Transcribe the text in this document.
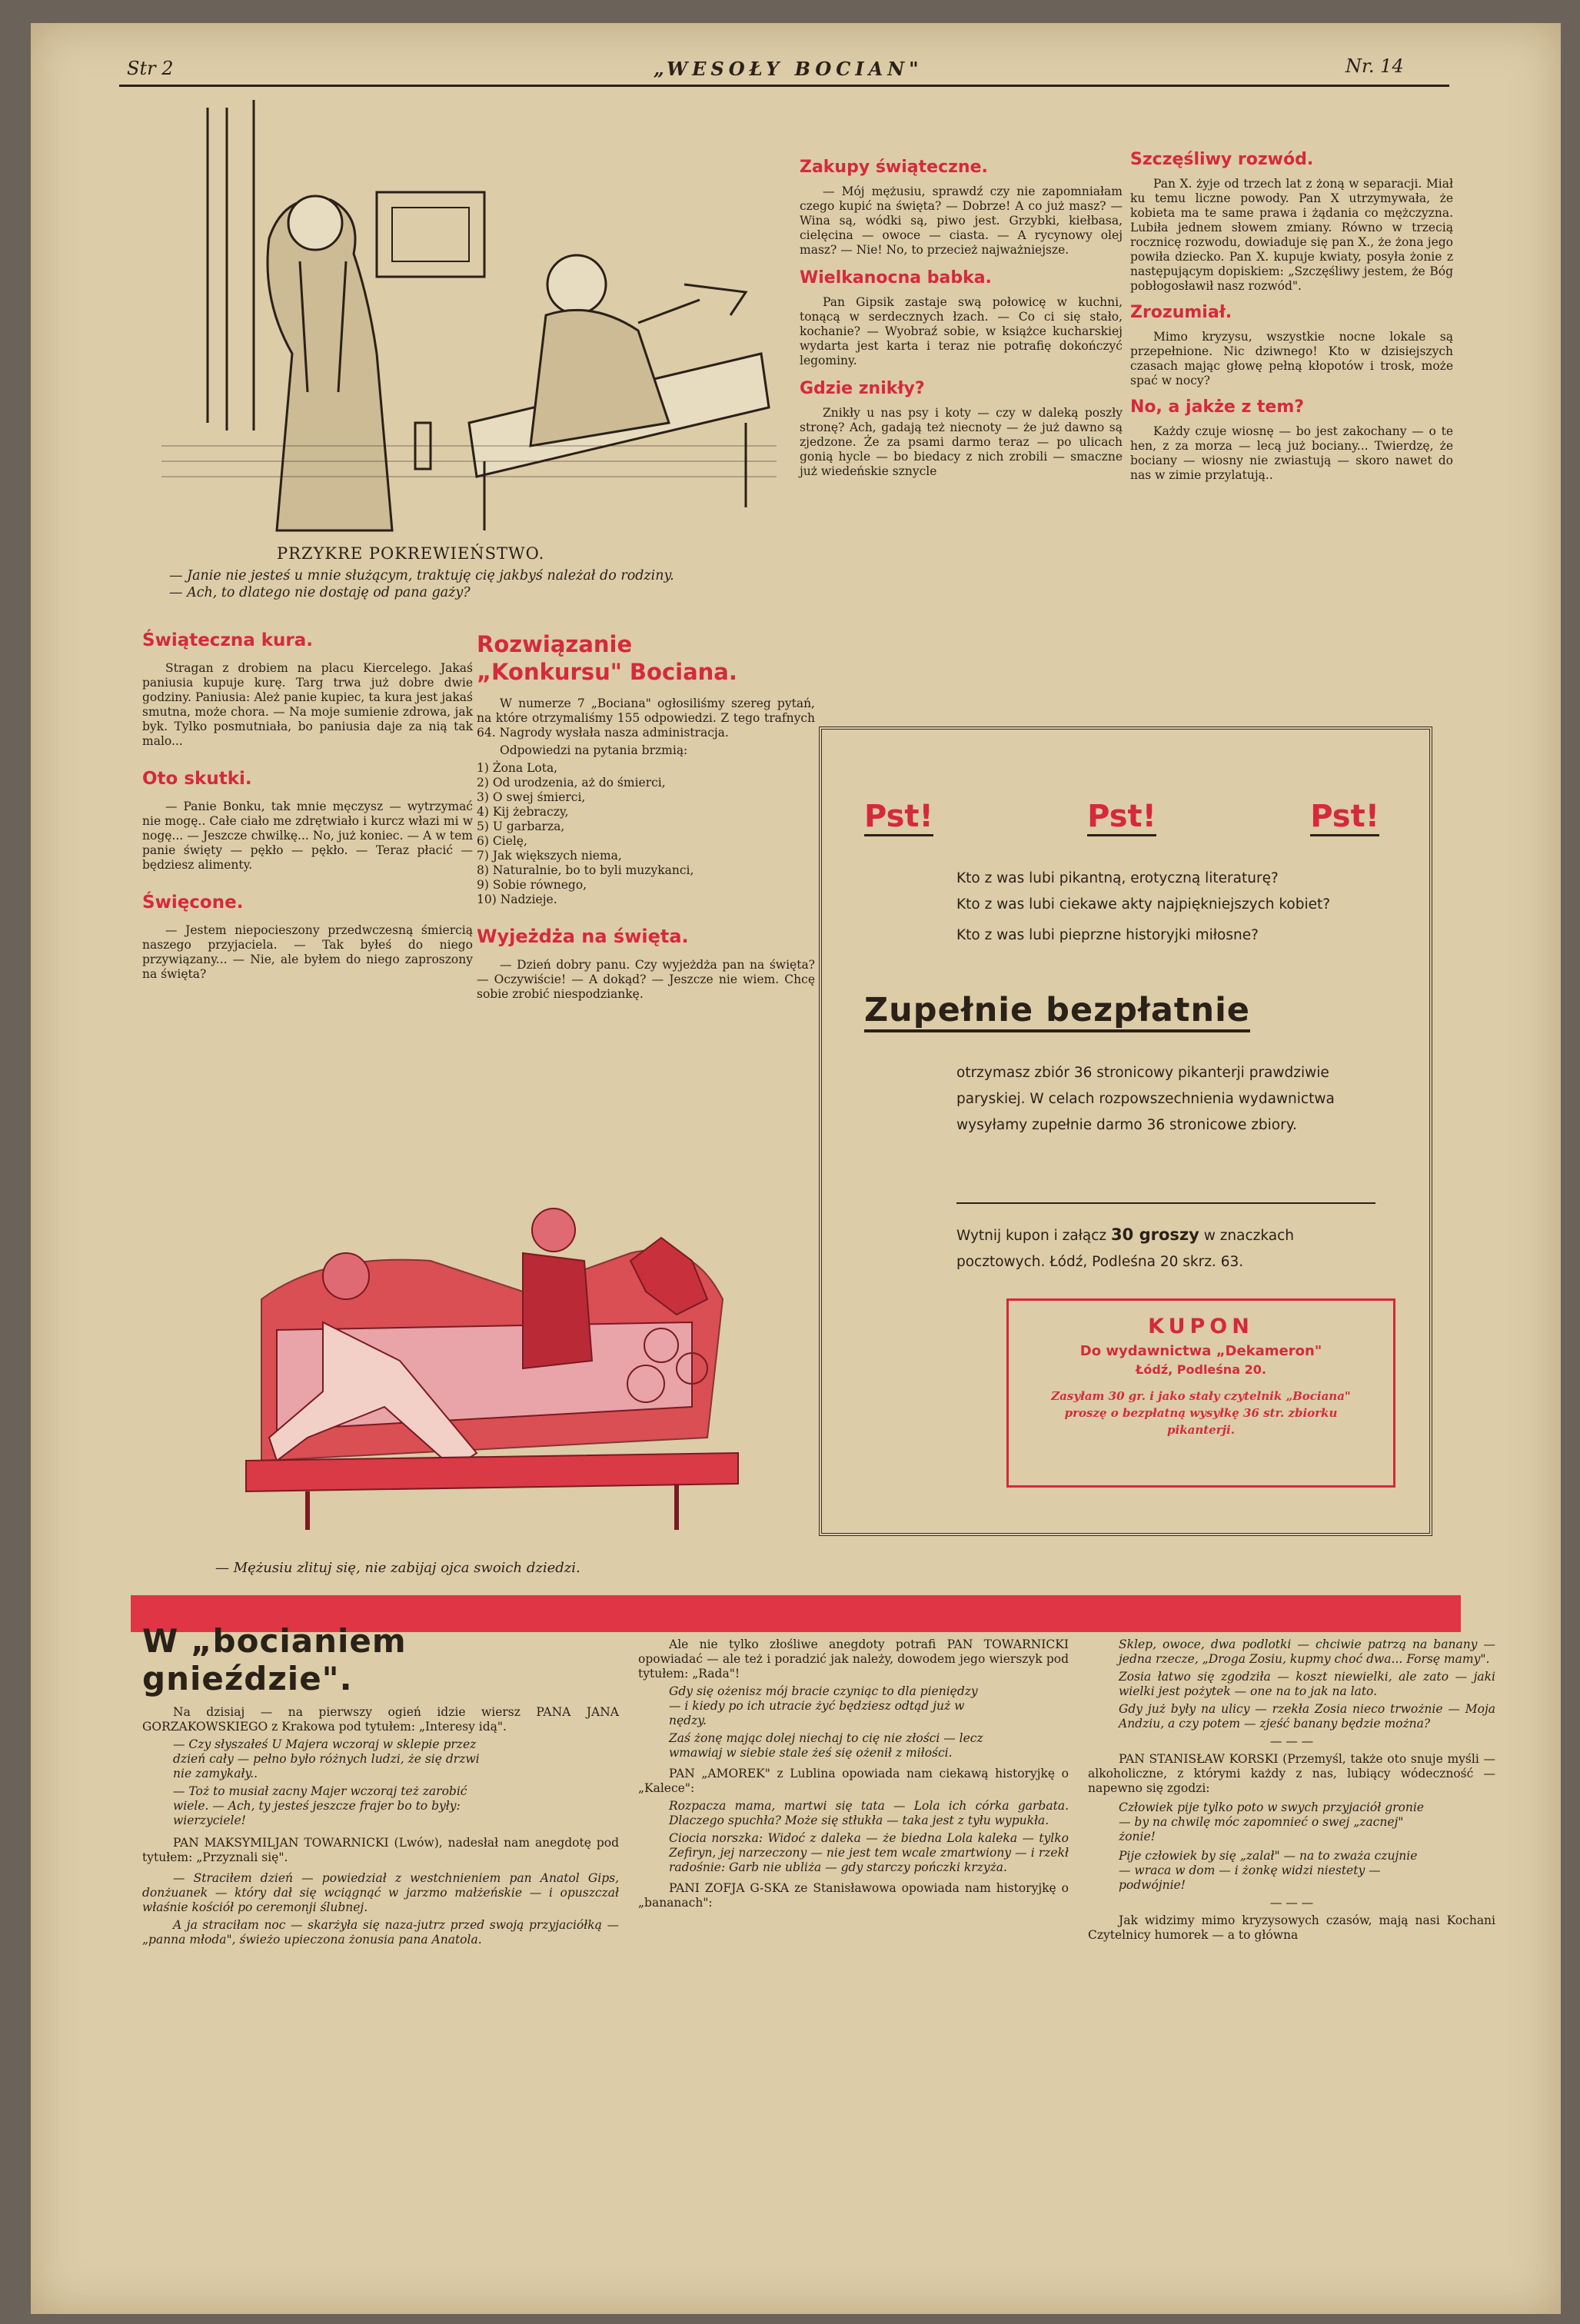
Str 2	„WESOŁY BOCIAN"	Nr. 14
PRZYKRE POKREWIEŃSTWO.

— Janie nie jesteś u mnie służącym, traktuję cię jakbyś należał do rodziny.

— Ach, to dlatego nie dostaję od pana gaży?

Świąteczna kura.

Stragan z drobiem na placu Kiercelego. Jakaś paniusia kupuje kurę. Targ trwa już dobre dwie godziny. Paniusia: Ależ panie kupiec, ta kura jest jakaś smutna, może chora. — Na moje sumienie zdrowa, jak byk. Tylko posmutniała, bo paniusia daje za nią tak malo...

Oto skutki.

— Panie Bonku, tak mnie męczysz — wytrzymać nie mogę.. Całe ciało me zdrętwiało i kurcz włazi mi w nogę... — Jeszcze chwilkę... No, już koniec. — A w tem panie święty — pękło — pękło. — Teraz płacić — będziesz alimenty.

Święcone.

— Jestem niepocieszony przedwczesną śmiercią naszego przyjaciela. — Tak byłeś do niego przywiązany... — Nie, ale byłem do niego zaproszony na święta?

Rozwiązanie
„Konkursu" Bociana.

W numerze 7 „Bociana" ogłosiliśmy szereg pytań, na które otrzymaliśmy 155 odpowiedzi. Z tego trafnych 64. Nagrody wysłała nasza administracja.

Odpowiedzi na pytania brzmią:

1) Żona Lota,

2) Od urodzenia, aż do śmierci,

3) O swej śmierci,

4) Kij żebraczy,

5) U garbarza,

6) Cielę,

7) Jak większych niema,

8) Naturalnie, bo to byli muzykanci,

9) Sobie równego,

10) Nadzieje.

Wyjeżdża na święta.

— Dzień dobry panu. Czy wyjeżdża pan na święta? — Oczywiście! — A dokąd? — Jeszcze nie wiem. Chcę sobie zrobić niespodziankę.

Zakupy świąteczne.

— Mój mężusiu, sprawdź czy nie zapomniałam czego kupić na święta? — Dobrze! A co już masz? — Wina są, wódki są, piwo jest. Grzybki, kiełbasa, cielęcina — owoce — ciasta. — A rycynowy olej masz? — Nie! No, to przecież najważniejsze.

Wielkanocna babka.

Pan Gipsik zastaje swą połowicę w kuchni, tonącą w serdecznych łzach. — Co ci się stało, kochanie? — Wyobraź sobie, w książce kucharskiej wydarta jest karta i teraz nie potrafię dokończyć legominy.

Gdzie znikły?

Znikły u nas psy i koty — czy w daleką poszły stronę? Ach, gadają też niecnoty — że już dawno są zjedzone. Że za psami darmo teraz — po ulicach gonią hycle — bo biedacy z nich zrobili — smaczne już wiedeńskie sznycle

Szczęśliwy rozwód.

Pan X. żyje od trzech lat z żoną w separacji. Miał ku temu liczne powody. Pan X utrzymywała, że kobieta ma te same prawa i żądania co mężczyzna. Lubiła jednem słowem zmiany. Równo w trzecią rocznicę rozwodu, dowiaduje się pan X., że żona jego powiła dziecko. Pan X. kupuje kwiaty, posyła żonie z następującym dopiskiem: „Szczęśliwy jestem, że Bóg pobłogosławił nasz rozwód".

Zrozumiał.

Mimo kryzysu, wszystkie nocne lokale są przepełnione. Nic dziwnego! Kto w dzisiejszych czasach mając głowę pełną kłopotów i trosk, może spać w nocy?

No, a jakże z tem?

Każdy czuje wiosnę — bo jest zakochany — o te hen, z za morza — lecą już bociany... Twierdzę, że bociany — wiosny nie zwiastują — skoro nawet do nas w zimie przylatują..

Pst!	Pst!	Pst!

Kto z was lubi pikantną, erotyczną literaturę?

Kto z was lubi ciekawe akty najpiękniejszych kobiet?

Kto z was lubi pieprzne historyjki miłosne?

Zupełnie bezpłatnie
otrzymasz zbiór 36 stronicowy pikanterji prawdziwie paryskiej. W celach rozpowszechnienia wydawnictwa wysyłamy zupełnie darmo 36 stronicowe zbiory.
Wytnij kupon i załącz 30 groszy w znaczkach pocztowych. Łódź, Podleśna 20 skrz. 63.
KUPON
Do wydawnictwa „Dekameron"
Łódź, Podleśna 20.
Zasyłam 30 gr. i jako stały czytelnik „Bociana" proszę o bezpłatną wysyłkę 36 str. zbiorku pikanterji.
— Mężusiu zlituj się, nie zabijaj ojca swoich dziedzi.
W „bocianiem gnieździe".

Na dzisiaj — na pierwszy ogień idzie wiersz PANA JANA GORZAKOWSKIEGO z Krakowa pod tytułem: „Interesy idą".

— Czy słyszałeś U Majera wczoraj w sklepie przez dzień cały — pełno było różnych ludzi, że się drzwi nie zamykały..

— Toż to musiał zacny Majer wczoraj też zarobić wiele. — Ach, ty jesteś jeszcze frajer bo to były: wierzyciele!

PAN MAKSYMILJAN TOWARNICKI (Lwów), nadesłał nam anegdotę pod tytułem: „Przyznali się".

— Straciłem dzień — powiedział z westchnieniem pan Anatol Gips, donżuanek — który dał się wciągnąć w jarzmo małżeńskie — i opuszczał właśnie kościół po ceremonji ślubnej.

A ja straciłam noc — skarżyła się naza-jutrz przed swoją przyjaciółką — „panna młoda", świeżo upieczona żonusia pana Anatola.

Ale nie tylko złośliwe anegdoty potrafi PAN TOWARNICKI opowiadać — ale też i poradzić jak należy, dowodem jego wierszyk pod tytułem: „Rada"!

Gdy się ożenisz mój bracie czyniąc to dla pieniędzy — i kiedy po ich utracie żyć będziesz odtąd już w nędzy.

Zaś żonę mając dolej niechaj to cię nie złości — lecz wmawiaj w siebie stale żeś się ożenił z miłości.

PAN „AMOREK" z Lublina opowiada nam ciekawą historyjkę o „Kalece":

Rozpacza mama, martwi się tata — Lola ich córka garbata. Dlaczego spuchła? Może się stłukła — taka jest z tyłu wypukła.

Ciocia norszka: Widoć z daleka — że biedna Lola kaleka — tylko Zefiryn, jej narzeczony — nie jest tem wcale zmartwiony — i rzekł radośnie: Garb nie ubliża — gdy starczy pończki krzyża.

PANI ZOFJA G-SKA ze Stanisławowa opowiada nam historyjkę o „bananach":

Sklep, owoce, dwa podlotki — chciwie patrzą na banany — jedna rzecze, „Droga Zosiu, kupmy choć dwa... Forsę mamy".

Zosia łatwo się zgodziła — koszt niewielki, ale zato — jaki wielki jest pożytek — one na to jak na lato.

Gdy już były na ulicy — rzekła Zosia nieco trwożnie — Moja Andziu, a czy potem — zjeść banany będzie można?

— — —

PAN STANISŁAW KORSKI (Przemyśl, także oto snuje myśli — alkoholiczne, z którymi każdy z nas, lubiący wódeczność — napewno się zgodzi:

Człowiek pije tylko poto w swych przyjaciół gronie — by na chwilę móc zapomnieć o swej „zacnej" żonie!

Pije człowiek by się „zalał" — na to zważa czujnie — wraca w dom — i żonkę widzi niestety — podwójnie!

— — —

Jak widzimy mimo kryzysowych czasów, mają nasi Kochani Czytelnicy humorek — a to główna
